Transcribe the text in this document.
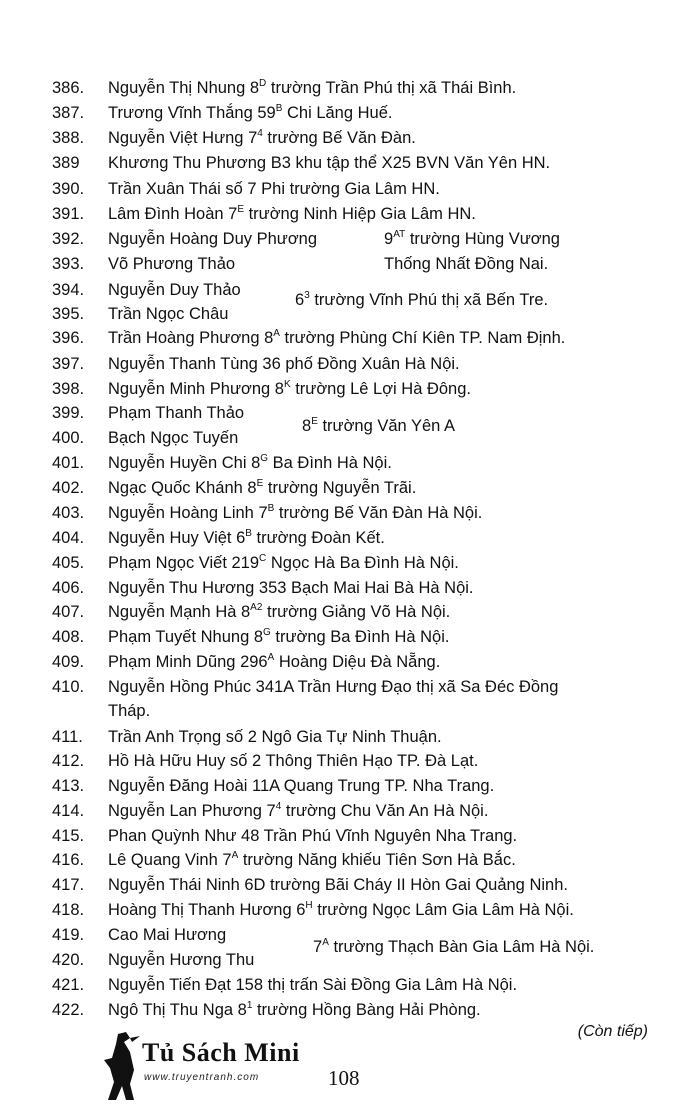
386. Nguyễn Thị Nhung $8^D$ trường Trần Phú thị xã Thái Bình.
387. Trương Vĩnh Thắng $59^B$ Chi Lăng Huế.
388. Nguyễn Việt Hưng $7^4$ trường Bế Văn Đàn.
389 Khương Thu Phương B3 khu tập thể X25 BVN Văn Yên HN.
390. Trần Xuân Thái số 7 Phi trường Gia Lâm HN.
391. Lâm Đình Hoàn $7^E$ trường Ninh Hiệp Gia Lâm HN.
392. Nguyễn Hoàng Duy Phương
393. Võ Phương Thảo
394. Nguyễn Duy Thảo
395. Trần Ngọc Châu
396. Trần Hoàng Phương $8^A$ trường Phùng Chí Kiên TP. Nam Định.
397. Nguyễn Thanh Tùng 36 phố Đồng Xuân Hà Nội.
398. Nguyễn Minh Phương $8^K$ trường Lê Lợi Hà Đông.
399. Phạm Thanh Thảo
400. Bạch Ngọc Tuyến
401. Nguyễn Huyền Chi $8^G$ Ba Đình Hà Nội.
402. Ngạc Quốc Khánh $8^E$ trường Nguyễn Trãi.
403. Nguyễn Hoàng Linh $7^B$ trường Bế Văn Đàn Hà Nội.
404. Nguyễn Huy Việt $6^B$ trường Đoàn Kết.
405. Phạm Ngọc Viết $219^C$ Ngọc Hà Ba Đình Hà Nội.
406. Nguyễn Thu Hương 353 Bạch Mai Hai Bà Hà Nội.
407. Nguyễn Mạnh Hà $8^{A2}$ trường Giảng Võ Hà Nội.
408. Phạm Tuyết Nhung $8^G$ trường Ba Đình Hà Nội.
409. Phạm Minh Dũng $296^A$ Hoàng Diệu Đà Nẵng.
410. Nguyễn Hồng Phúc 341A Trần Hưng Đạo thị xã Sa Đéc Đồng
Tháp.
411. Trần Anh Trọng số 2 Ngô Gia Tự Ninh Thuận.
412. Hồ Hà Hữu Huy số 2 Thông Thiên Hạo TP. Đà Lạt.
413. Nguyễn Đăng Hoài 11A Quang Trung TP. Nha Trang.
414. Nguyễn Lan Phương $7^4$ trường Chu Văn An Hà Nội.
415. Phan Quỳnh Như 48 Trần Phú Vĩnh Nguyên Nha Trang.
416. Lê Quang Vinh $7^A$ trường Năng khiếu Tiên Sơn Hà Bắc.
417. Nguyễn Thái Ninh 6D trường Bãi Cháy II Hòn Gai Quảng Ninh.
418. Hoàng Thị Thanh Hương $6^H$ trường Ngọc Lâm Gia Lâm Hà Nội.
419. Cao Mai Hương
420. Nguyễn Hương Thu
421. Nguyễn Tiến Đạt 158 thị trấn Sài Đồng Gia Lâm Hà Nội.
422. Ngô Thị Thu Nga $8^1$ trường Hồng Bàng Hải Phòng.
$9^{AT}$ trường Hùng Vương
Thống Nhất Đồng Nai.
$6^3$ trường Vĩnh Phú thị xã Bến Tre.
$8^E$ trường Văn Yên A
$7^A$ trường Thạch Bàn Gia Lâm Hà Nội.
(Còn tiếp)
Tủ Sách Mini
www.truyentranh.com	108
